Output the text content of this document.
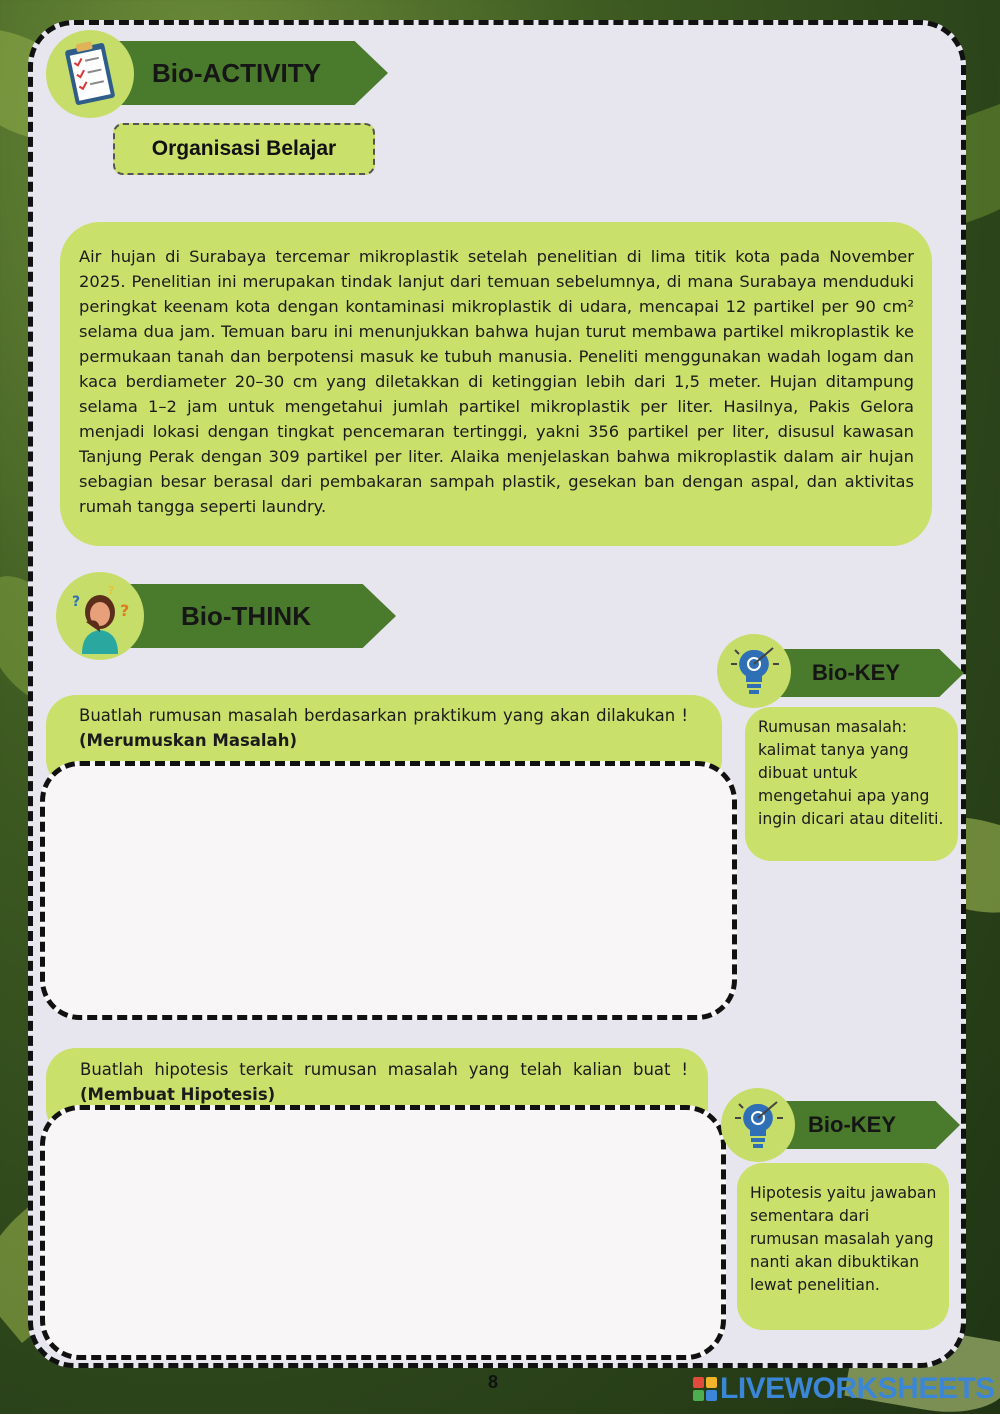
Bio-ACTIVITY
Organisasi Belajar

Air hujan di Surabaya tercemar mikroplastik setelah penelitian di lima titik kota pada November 2025. Penelitian ini merupakan tindak lanjut dari temuan sebelumnya, di mana Surabaya menduduki peringkat keenam kota dengan kontaminasi mikroplastik di udara, mencapai 12 partikel per 90 cm² selama dua jam. Temuan baru ini menunjukkan bahwa hujan turut membawa partikel mikroplastik ke permukaan tanah dan berpotensi masuk ke tubuh manusia. Peneliti menggunakan wadah logam dan kaca berdiameter 20–30 cm yang diletakkan di ketinggian lebih dari 1,5 meter. Hujan ditampung selama 1–2 jam untuk mengetahui jumlah partikel mikroplastik per liter. Hasilnya, Pakis Gelora menjadi lokasi dengan tingkat pencemaran tertinggi, yakni 356 partikel per liter, disusul kawasan Tanjung Perak dengan 309 partikel per liter. Alaika menjelaskan bahwa mikroplastik dalam air hujan sebagian besar berasal dari pembakaran sampah plastik, gesekan ban dengan aspal, dan aktivitas rumah tangga seperti laundry.

? ?
?
Bio-THINK
Buatlah rumusan masalah berdasarkan praktikum yang akan dilakukan ! (Merumuskan Masalah)
Bio-KEY
Rumusan masalah: kalimat tanya yang dibuat untuk mengetahui apa yang ingin dicari atau diteliti.
Buatlah hipotesis terkait rumusan masalah yang telah kalian buat ! (Membuat Hipotesis)
Bio-KEY
Hipotesis yaitu jawaban sementara dari rumusan masalah yang nanti akan dibuktikan lewat penelitian.
8	LIVEWORKSHEETS
